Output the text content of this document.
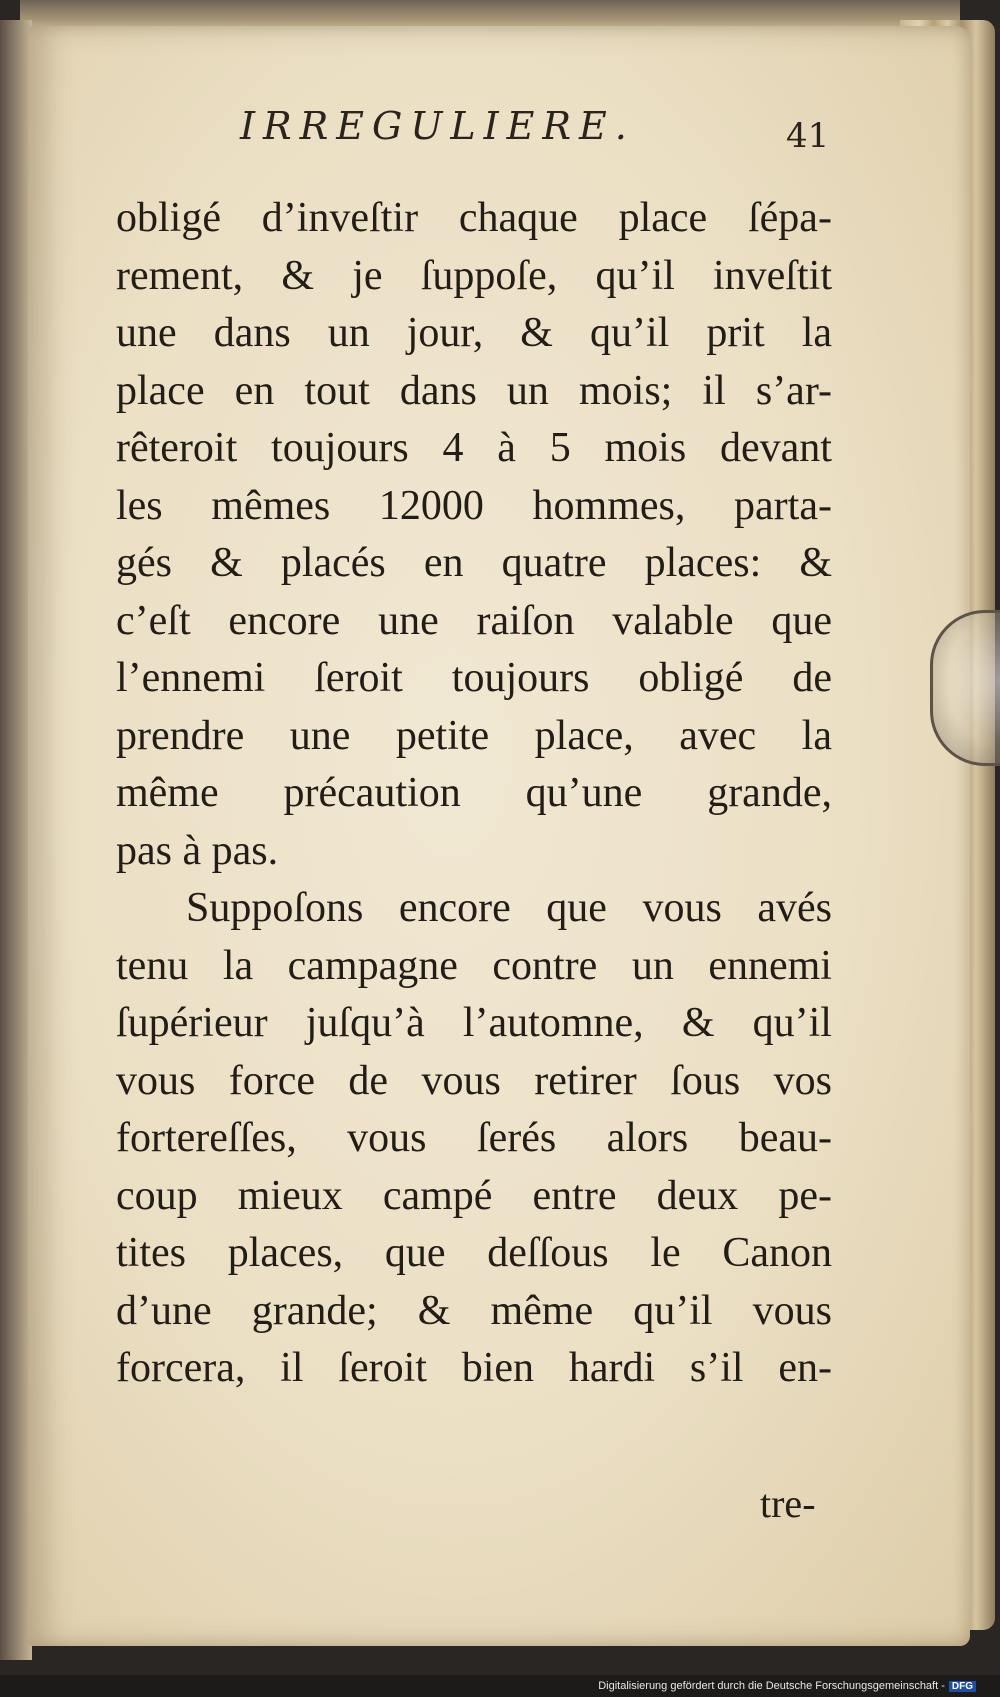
IRREGULIERE.	41
obligé d’inveſtir chaque place ſépa-
rement, & je ſuppoſe, qu’il inveſtit
une dans un jour, & qu’il prit la
place en tout dans un mois; il s’ar-
rêteroit toujours 4 à 5 mois devant
les mêmes 12000 hommes, parta-
gés & placés en quatre places: &
c’eſt encore une raiſon valable que
l’ennemi ſeroit toujours obligé de
prendre une petite place, avec la
même précaution qu’une grande,
pas à pas.
Suppoſons encore que vous avés
tenu la campagne contre un ennemi
ſupérieur juſqu’à l’automne, & qu’il
vous force de vous retirer ſous vos
forterеſſes, vous ſerés alors beau-
coup mieux campé entre deux pe-
tites places, que deſſous le Canon
d’une grande; & même qu’il vous
forcera, il ſeroit bien hardi s’il en-
tre-
Digitalisierung gefördert durch die Deutsche Forschungsgemeinschaft - DFG
